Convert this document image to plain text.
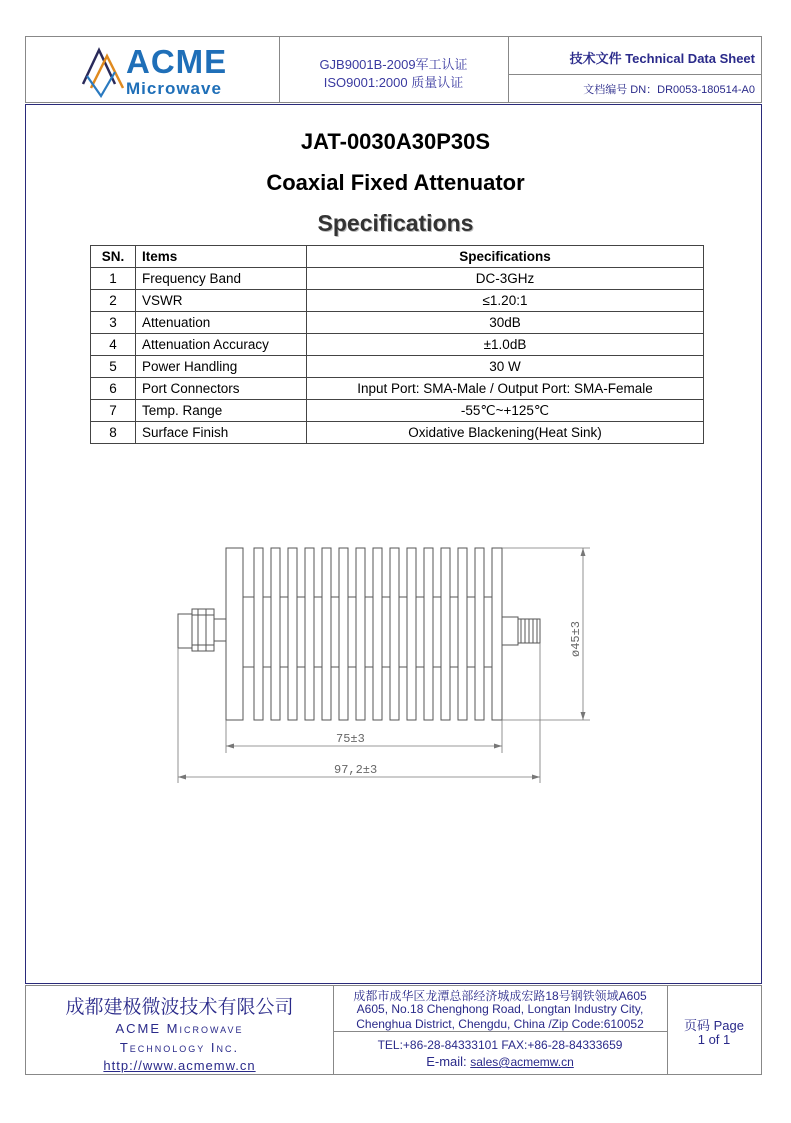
ACME
Microwave
GJB9001B-2009军工认证
ISO9001:2000 质量认证
技术文件 Technical Data Sheet
文档编号 DN：DR0053-180514-A0
JAT-0030A30P30S
Coaxial Fixed Attenuator
Specifications
SN.	Items	Specifications
1	Frequency Band	DC-3GHz
2	VSWR	≤1.20:1
3	Attenuation	30dB
4	Attenuation Accuracy	±1.0dB
5	Power Handling	30 W
6	Port Connectors	Input Port: SMA-Male / Output Port: SMA-Female
7	Temp. Range	-55℃~+125℃
8	Surface Finish	Oxidative Blackening(Heat Sink)
75±3
97,2±3
ø45±3
成都建极微波技术有限公司
ACME Microwave
Technology Inc.
http://www.acmemw.cn
成都市成华区龙潭总部经济城成宏路18号钢铁领域A605
A605, No.18 Chenghong Road, Longtan Industry City,
Chenghua District, Chengdu, China /Zip Code:610052
TEL:+86-28-84333101 FAX:+86-28-84333659
E-mail: sales@acmemw.cn
页码 Page
1 of 1
